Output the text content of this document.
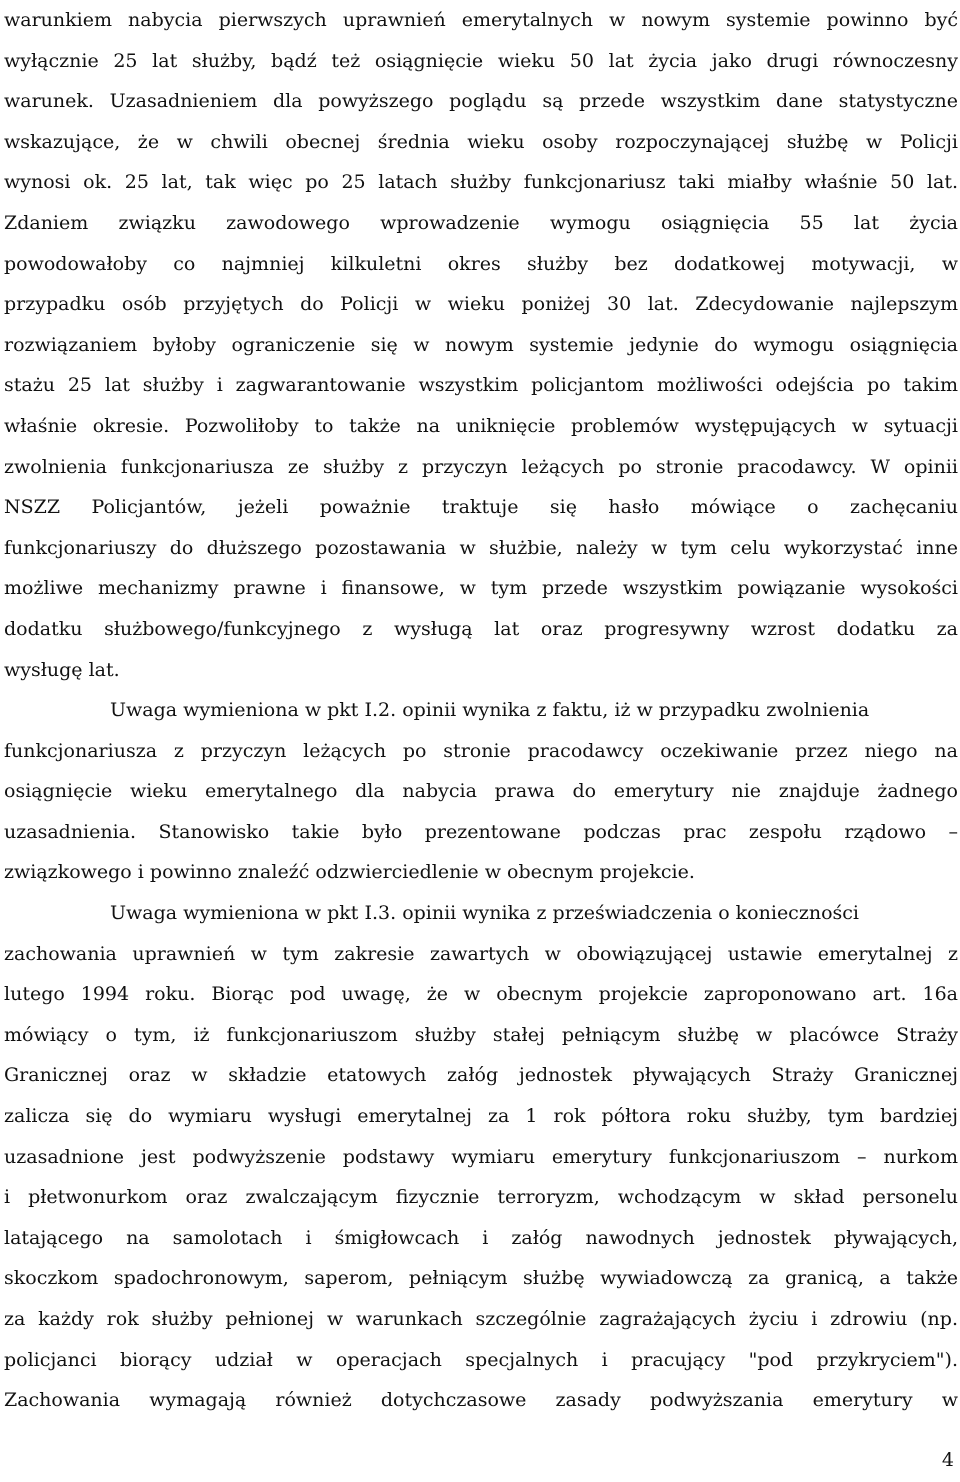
warunkiem nabycia pierwszych uprawnień emerytalnych w nowym systemie powinno być
wyłącznie 25 lat służby, bądź też osiągnięcie wieku 50 lat życia jako drugi równoczesny
warunek. Uzasadnieniem dla powyższego poglądu są przede wszystkim dane statystyczne
wskazujące, że w chwili obecnej średnia wieku osoby rozpoczynającej służbę w Policji
wynosi ok. 25 lat, tak więc po 25 latach służby funkcjonariusz taki miałby właśnie 50 lat.
Zdaniem związku zawodowego wprowadzenie wymogu osiągnięcia 55 lat życia
powodowałoby co najmniej kilkuletni okres służby bez dodatkowej motywacji, w
przypadku osób przyjętych do Policji w wieku poniżej 30 lat. Zdecydowanie najlepszym
rozwiązaniem byłoby ograniczenie się w nowym systemie jedynie do wymogu osiągnięcia
stażu 25 lat służby i zagwarantowanie wszystkim policjantom możliwości odejścia po takim
właśnie okresie. Pozwoliłoby to także na uniknięcie problemów występujących w sytuacji
zwolnienia funkcjonariusza ze służby z przyczyn leżących po stronie pracodawcy. W opinii
NSZZ Policjantów, jeżeli poważnie traktuje się hasło mówiące o zachęcaniu
funkcjonariuszy do dłuższego pozostawania w służbie, należy w tym celu wykorzystać inne
możliwe mechanizmy prawne i finansowe, w tym przede wszystkim powiązanie wysokości
dodatku służbowego/funkcyjnego z wysługą lat oraz progresywny wzrost dodatku za
wysługę lat.
Uwaga wymieniona w pkt I.2. opinii wynika z faktu, iż w przypadku zwolnienia
funkcjonariusza z przyczyn leżących po stronie pracodawcy oczekiwanie przez niego na
osiągnięcie wieku emerytalnego dla nabycia prawa do emerytury nie znajduje żadnego
uzasadnienia. Stanowisko takie było prezentowane podczas prac zespołu rządowo –
związkowego i powinno znaleźć odzwierciedlenie w obecnym projekcie.
Uwaga wymieniona w pkt I.3. opinii wynika z przeświadczenia o konieczności
zachowania uprawnień w tym zakresie zawartych w obowiązującej ustawie emerytalnej z
lutego 1994 roku. Biorąc pod uwagę, że w obecnym projekcie zaproponowano art. 16a
mówiący o tym, iż funkcjonariuszom służby stałej pełniącym służbę w placówce Straży
Granicznej oraz w składzie etatowych załóg jednostek pływających Straży Granicznej
zalicza się do wymiaru wysługi emerytalnej za 1 rok półtora roku służby, tym bardziej
uzasadnione jest podwyższenie podstawy wymiaru emerytury funkcjonariuszom – nurkom
i płetwonurkom oraz zwalczającym fizycznie terroryzm, wchodzącym w skład personelu
latającego na samolotach i śmigłowcach i załóg nawodnych jednostek pływających,
skoczkom spadochronowym, saperom, pełniącym służbę wywiadowczą za granicą, a także
za każdy rok służby pełnionej w warunkach szczególnie zagrażających życiu i zdrowiu (np.
policjanci biorący udział w operacjach specjalnych i pracujący "pod przykryciem").
Zachowania wymagają również dotychczasowe zasady podwyższania emerytury w
4
